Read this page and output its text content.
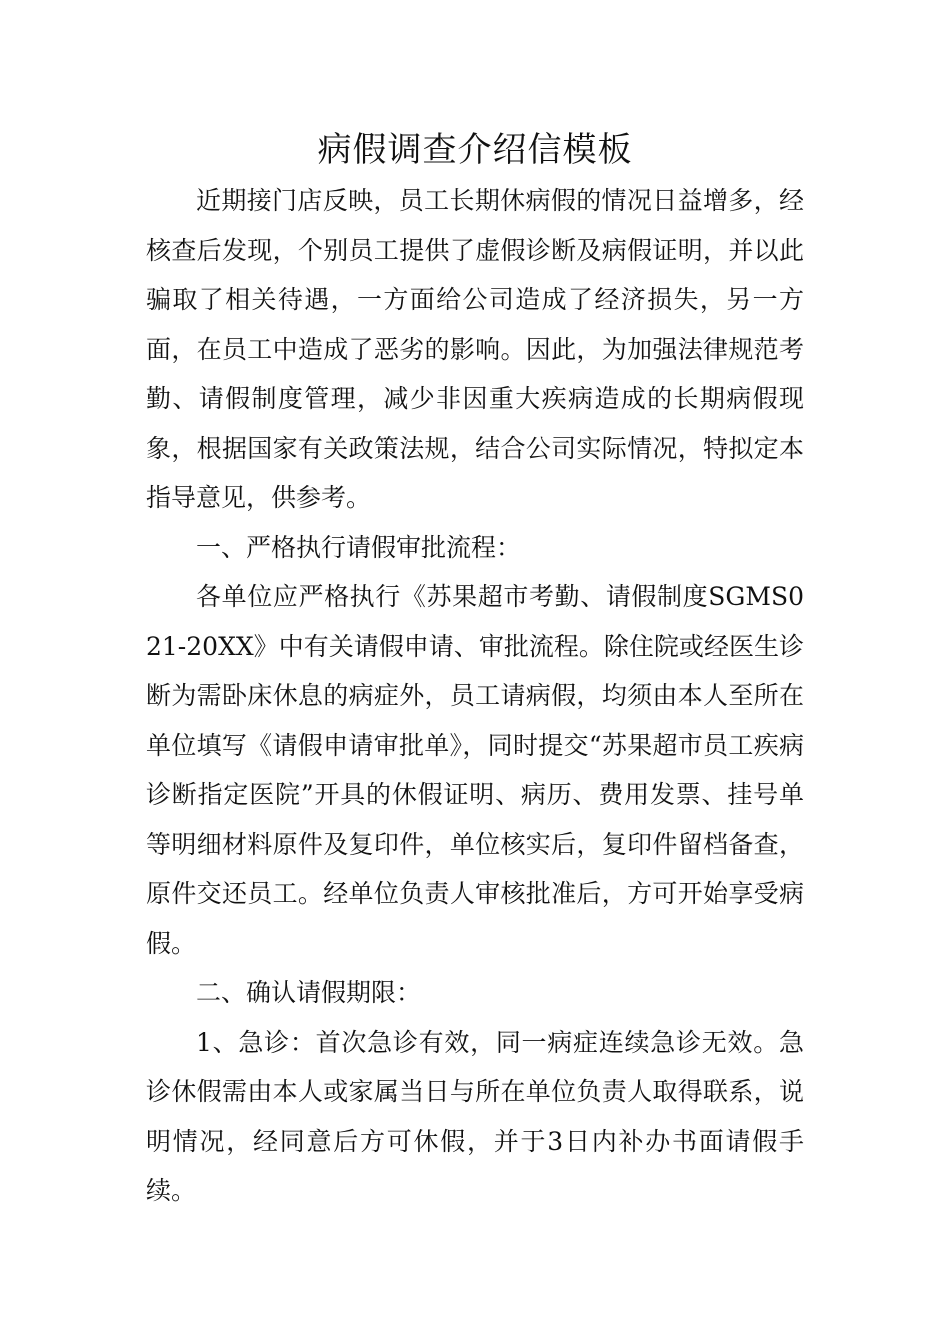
病假调查介绍信模板

近期接门店反映，员工长期休病假的情况日益增多，经核查后发现，个别员工提供了虚假诊断及病假证明，并以此骗取了相关待遇，一方面给公司造成了经济损失，另一方面，在员工中造成了恶劣的影响。因此，为加强法律规范考勤、请假制度管理，减少非因重大疾病造成的长期病假现象，根据国家有关政策法规，结合公司实际情况，特拟定本指导意见，供参考。

一、严格执行请假审批流程：

各单位应严格执行《苏果超市考勤、请假制度SGMS021-20XX》中有关请假申请、审批流程。除住院或经医生诊断为需卧床休息的病症外，员工请病假，均须由本人至所在单位填写《请假申请审批单》，同时提交“苏果超市员工疾病诊断指定医院”开具的休假证明、病历、费用发票、挂号单等明细材料原件及复印件，单位核实后，复印件留档备查，原件交还员工。经单位负责人审核批准后，方可开始享受病假。

二、确认请假期限：

1、急诊：首次急诊有效，同一病症连续急诊无效。急诊休假需由本人或家属当日与所在单位负责人取得联系，说明情况，经同意后方可休假，并于3日内补办书面请假手续。
